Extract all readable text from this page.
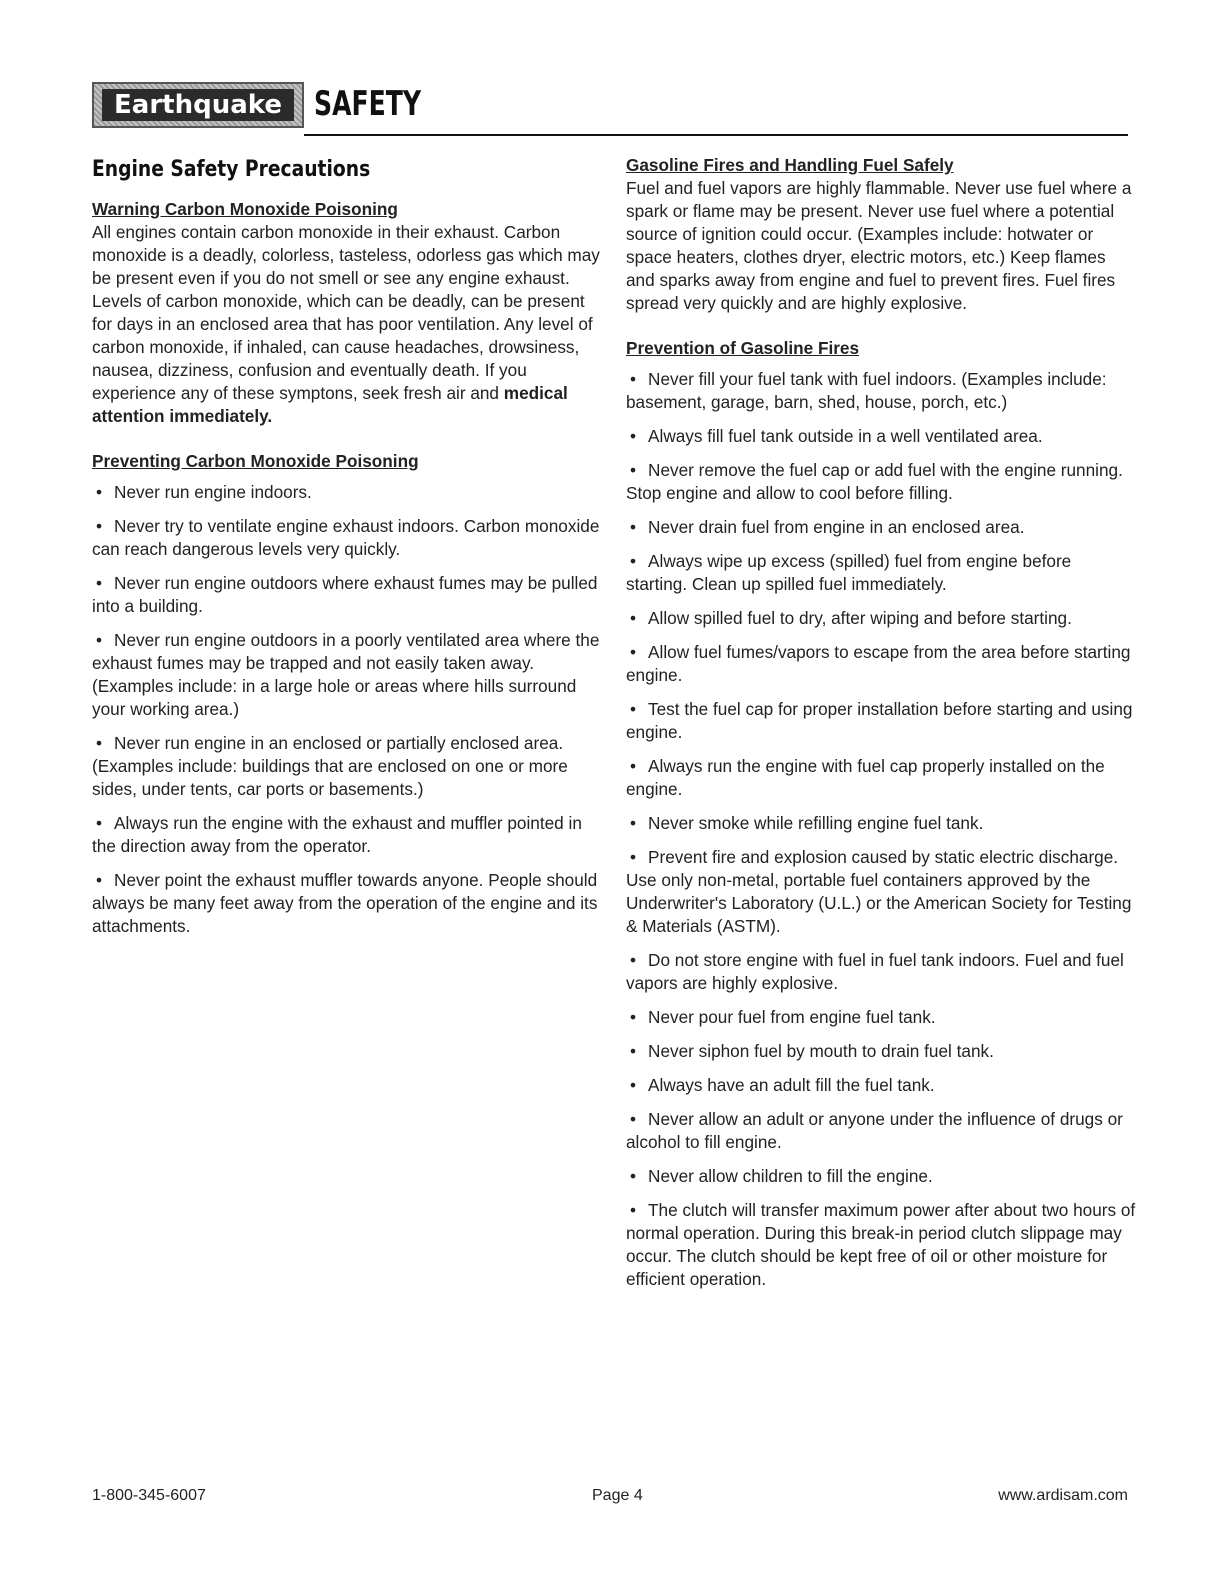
Earthquake SAFETY
Engine Safety Precautions

Warning Carbon Monoxide Poisoning

All engines contain carbon monoxide in their exhaust. Carbon monoxide is a deadly, colorless, tasteless, odorless gas which may be present even if you do not smell or see any engine exhaust. Levels of carbon monoxide, which can be deadly, can be present for days in an enclosed area that has poor ventilation. Any level of carbon monoxide, if inhaled, can cause headaches, drowsiness, nausea, dizziness, confusion and eventually death. If you experience any of these symptons, seek fresh air and medical attention immediately.

Preventing Carbon Monoxide Poisoning

• Never run engine indoors.
• Never try to ventilate engine exhaust indoors. Carbon monoxide can reach dangerous levels very quickly.
• Never run engine outdoors where exhaust fumes may be pulled into a building.
• Never run engine outdoors in a poorly ventilated area where the exhaust fumes may be trapped and not easily taken away. (Examples include: in a large hole or areas where hills surround your working area.)
• Never run engine in an enclosed or partially enclosed area. (Examples include: buildings that are enclosed on one or more sides, under tents, car ports or basements.)
• Always run the engine with the exhaust and muffler pointed in the direction away from the operator.
• Never point the exhaust muffler towards anyone. People should always be many feet away from the operation of the engine and its attachments.

Gasoline Fires and Handling Fuel Safely

Fuel and fuel vapors are highly flammable. Never use fuel where a spark or flame may be present. Never use fuel where a potential source of ignition could occur. (Examples include: hotwater or space heaters, clothes dryer, electric motors, etc.) Keep flames and sparks away from engine and fuel to prevent fires. Fuel fires spread very quickly and are highly explosive.

Prevention of Gasoline Fires

• Never fill your fuel tank with fuel indoors. (Examples include: basement, garage, barn, shed, house, porch, etc.)
• Always fill fuel tank outside in a well ventilated area.
• Never remove the fuel cap or add fuel with the engine running. Stop engine and allow to cool before filling.
• Never drain fuel from engine in an enclosed area.
• Always wipe up excess (spilled) fuel from engine before starting. Clean up spilled fuel immediately.
• Allow spilled fuel to dry, after wiping and before starting.
• Allow fuel fumes/vapors to escape from the area before starting engine.
• Test the fuel cap for proper installation before starting and using engine.
• Always run the engine with fuel cap properly installed on the engine.
• Never smoke while refilling engine fuel tank.
• Prevent fire and explosion caused by static electric discharge. Use only non-metal, portable fuel containers approved by the Underwriter's Laboratory (U.L.) or the American Society for Testing & Materials (ASTM).
• Do not store engine with fuel in fuel tank indoors. Fuel and fuel vapors are highly explosive.
• Never pour fuel from engine fuel tank.
• Never siphon fuel by mouth to drain fuel tank.
• Always have an adult fill the fuel tank.
• Never allow an adult or anyone under the influence of drugs or alcohol to fill engine.
• Never allow children to fill the engine.
• The clutch will transfer maximum power after about two hours of normal operation. During this break-in period clutch slippage may occur. The clutch should be kept free of oil or other moisture for efficient operation.
1-800-345-6007	Page 4	www.ardisam.com
